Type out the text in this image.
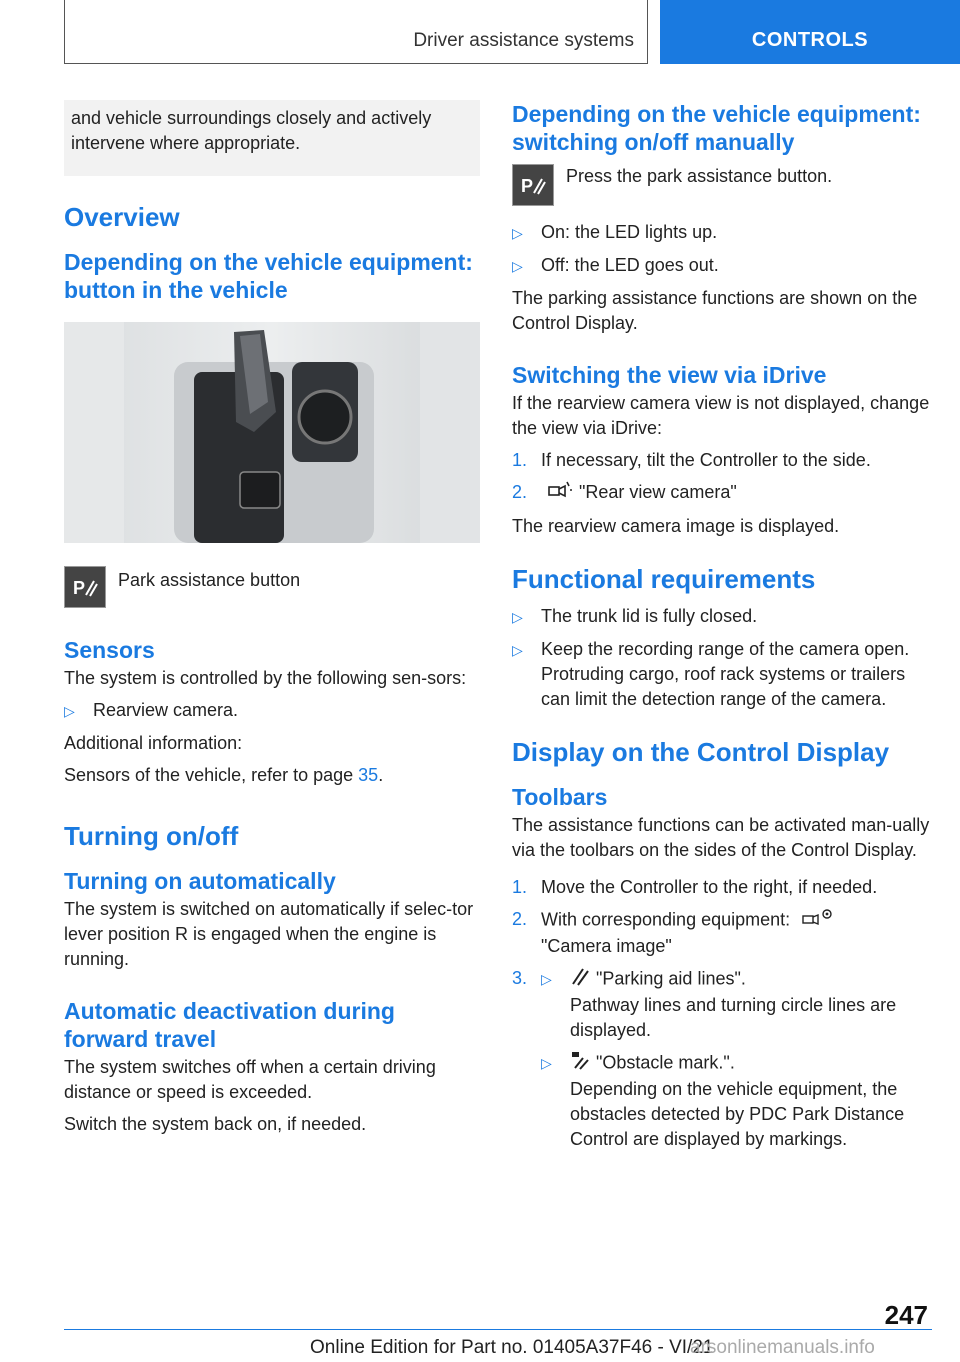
Driver assistance systems	CONTROLS
and vehicle surroundings closely and actively intervene where appropriate.
Overview
Depending on the vehicle equipment: button in the vehicle
P Park assistance button

Sensors

The system is controlled by the following sen-sors:

▷	Rearview camera.

Additional information:

Sensors of the vehicle, refer to page 35.

Turning on/off
Turning on automatically

The system is switched on automatically if selec-tor lever position R is engaged when the engine is running.

Automatic deactivation during forward travel

The system switches off when a certain driving distance or speed is exceeded.

Switch the system back on, if needed.

Depending on the vehicle equipment: switching on/off manually
P Press the park assistance button.

▷	On: the LED lights up.
▷	Off: the LED goes out.

The parking assistance functions are shown on the Control Display.

Switching the view via iDrive

If the rearview camera view is not displayed, change the view via iDrive:

1. If necessary, tilt the Controller to the side.
2.	"Rear view camera"

The rearview camera image is displayed.

Functional requirements
▷	The trunk lid is fully closed.
▷	Keep the recording range of the camera open. Protruding cargo, roof rack systems or trailers can limit the detection range of the camera.
Display on the Control Display
Toolbars

The assistance functions can be activated man-ually via the toolbars on the sides of the Control Display.

1. Move the Controller to the right, if needed.
2. With corresponding equipment:
"Camera image"
3. ▷	"Parking aid lines".
Pathway lines and turning circle lines are displayed.
▷	"Obstacle mark.".
Depending on the vehicle equipment, the obstacles detected by PDC Park Distance Control are displayed by markings.
247
Online Edition for Part no. 01405A37F46 - VI/21
arsonlinemanuals.info
